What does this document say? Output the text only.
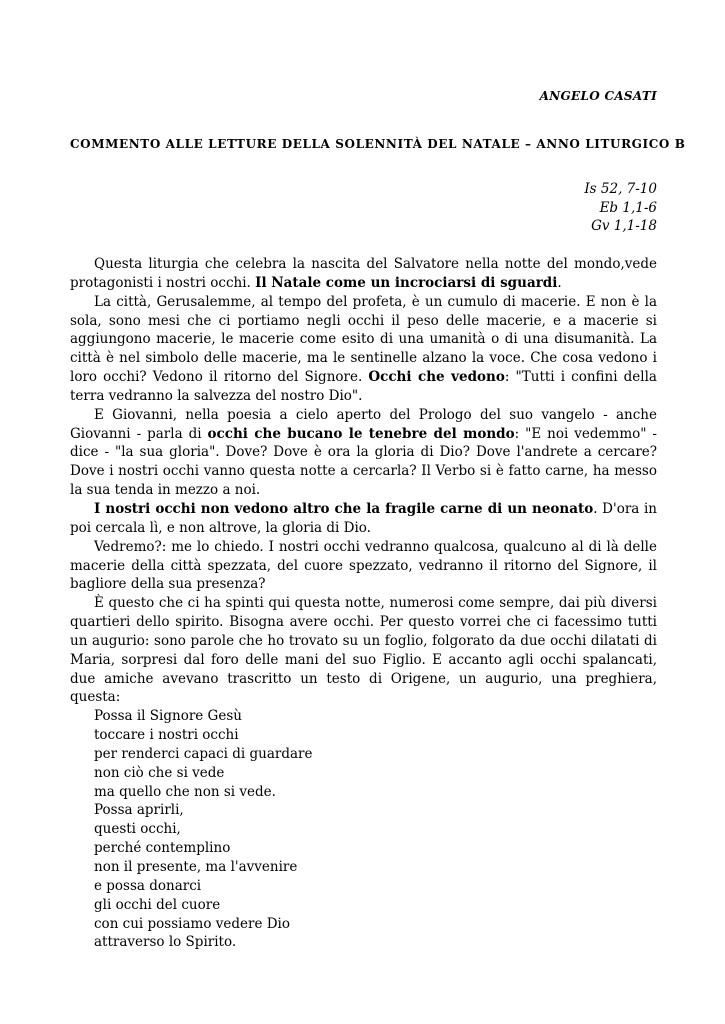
ANGELO CASATI
COMMENTO ALLE LETTURE DELLA SOLENNITÀ DEL NATALE – ANNO LITURGICO B
Is 52, 7-10
Eb 1,1-6
Gv 1,1-18

Questa liturgia che celebra la nascita del Salvatore nella notte del mondo,vede protagonisti i nostri occhi. Il Natale come un incrociarsi di sguardi.

La città, Gerusalemme, al tempo del profeta, è un cumulo di macerie. E non è la sola, sono mesi che ci portiamo negli occhi il peso delle macerie, e a macerie si aggiungono macerie, le macerie come esito di una umanità o di una disumanità. La città è nel simbolo delle macerie, ma le sentinelle alzano la voce. Che cosa vedono i loro occhi? Vedono il ritorno del Signore. Occhi che vedono: "Tutti i confini della terra vedranno la salvezza del nostro Dio".

E Giovanni, nella poesia a cielo aperto del Prologo del suo vangelo - anche Giovanni - parla di occhi che bucano le tenebre del mondo: "E noi vedemmo" - dice - "la sua gloria". Dove? Dove è ora la gloria di Dio? Dove l'andrete a cercare? Dove i nostri occhi vanno questa notte a cercarla? Il Verbo si è fatto carne, ha messo la sua tenda in mezzo a noi.

I nostri occhi non vedono altro che la fragile carne di un neonato. D'ora in poi cercala lì, e non altrove, la gloria di Dio.

Vedremo?: me lo chiedo. I nostri occhi vedranno qualcosa, qualcuno al di là delle macerie della città spezzata, del cuore spezzato, vedranno il ritorno del Signore, il bagliore della sua presenza?

È questo che ci ha spinti qui questa notte, numerosi come sempre, dai più diversi quartieri dello spirito. Bisogna avere occhi. Per questo vorrei che ci facessimo tutti un augurio: sono parole che ho trovato su un foglio, folgorato da due occhi dilatati di Maria, sorpresi dal foro delle mani del suo Figlio. E accanto agli occhi spalancati, due amiche avevano trascritto un testo di Origene, un augurio, una preghiera, questa:

Possa il Signore Gesù
toccare i nostri occhi
per renderci capaci di guardare
non ciò che si vede
ma quello che non si vede.
Possa aprirli,
questi occhi,
perché contemplino
non il presente, ma l'avvenire
e possa donarci
gli occhi del cuore
con cui possiamo vedere Dio
attraverso lo Spirito.
